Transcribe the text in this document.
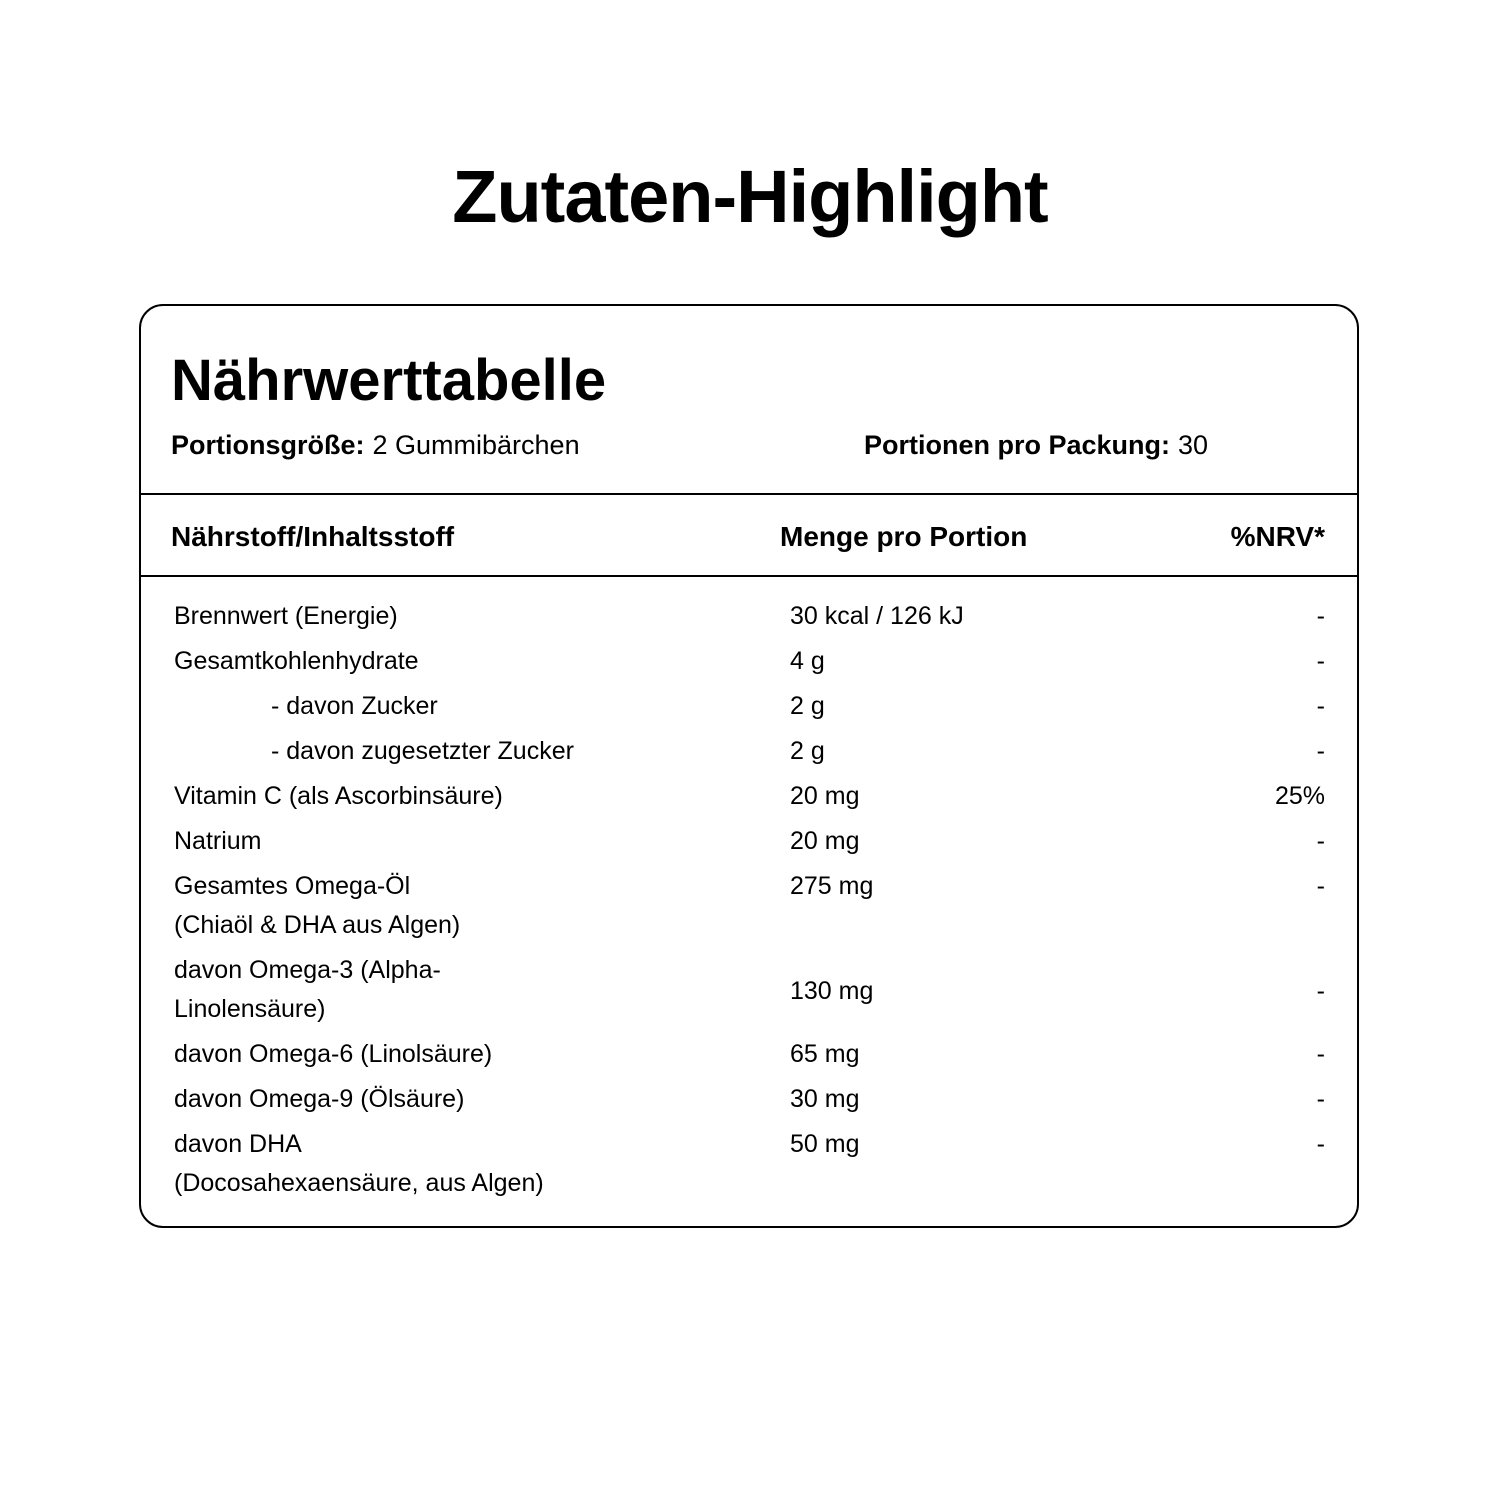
Zutaten-Highlight
Nährwerttabelle
Portionsgröße: 2 Gummibärchen	Portionen pro Packung: 30
Nährstoff/Inhaltsstoff	Menge pro Portion	%NRV*
Brennwert (Energie)	30 kcal / 126 kJ	-
Gesamtkohlenhydrate	4 g	-
- davon Zucker	2 g	-
- davon zugesetzter Zucker	2 g	-
Vitamin C (als Ascorbinsäure)	20 mg	25%
Natrium	20 mg	-
Gesamtes Omega-Öl
(Chiaöl & DHA aus Algen)
275 mg	-
davon Omega-3 (Alpha-
Linolensäure)
130 mg	-
davon Omega-6 (Linolsäure)	65 mg	-
davon Omega-9 (Ölsäure)	30 mg	-
davon DHA
(Docosahexaensäure, aus Algen)
50 mg	-
